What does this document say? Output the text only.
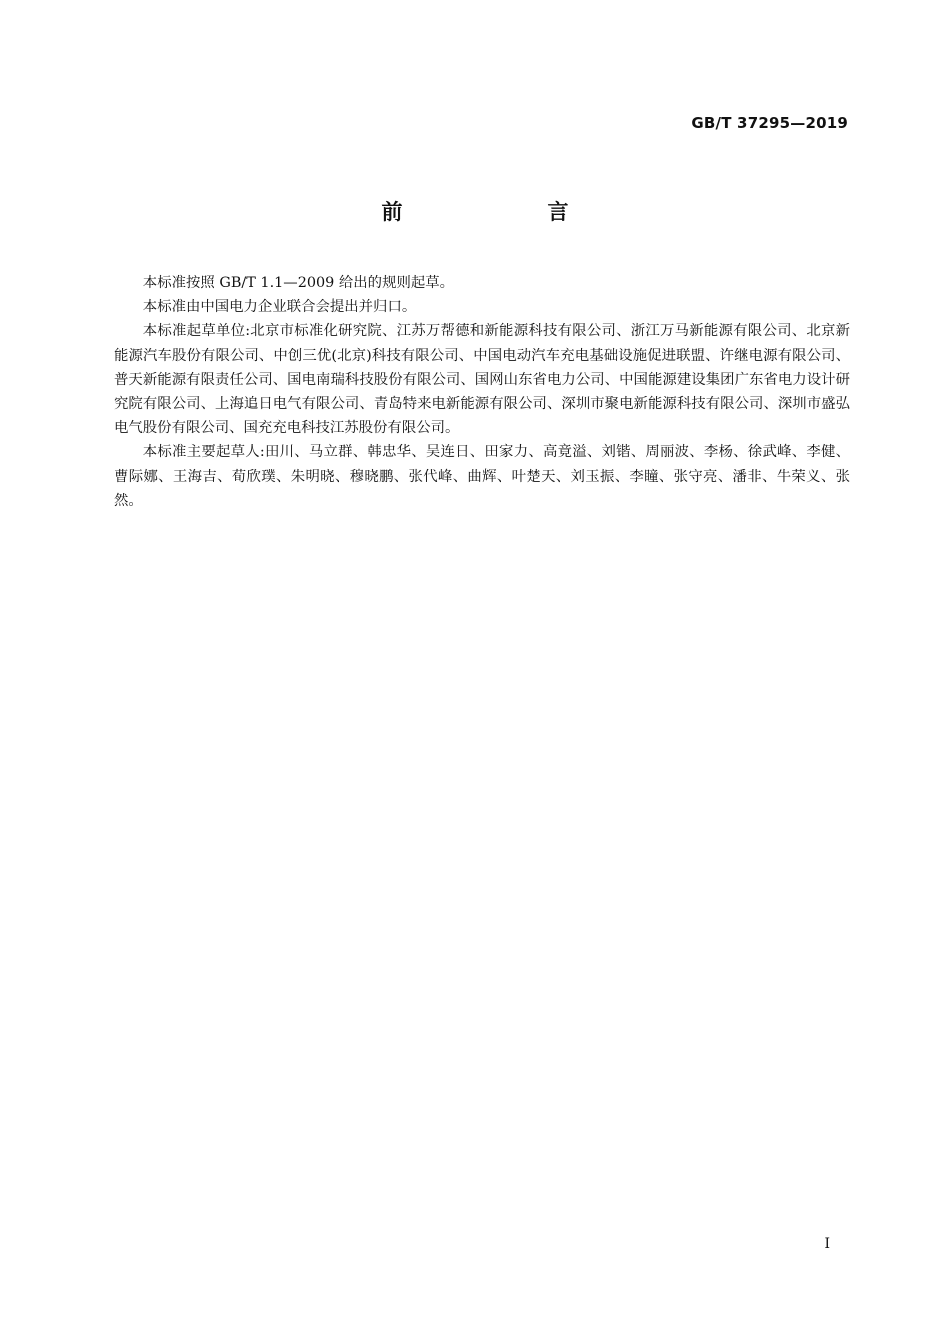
GB/T 37295—2019
前　言

本标准按照 GB/T 1.1—2009 给出的规则起草。

本标准由中国电力企业联合会提出并归口。

本标准起草单位:北京市标准化研究院、江苏万帮德和新能源科技有限公司、浙江万马新能源有限公司、北京新能源汽车股份有限公司、中创三优(北京)科技有限公司、中国电动汽车充电基础设施促进联盟、许继电源有限公司、普天新能源有限责任公司、国电南瑞科技股份有限公司、国网山东省电力公司、中国能源建设集团广东省电力设计研究院有限公司、上海追日电气有限公司、青岛特来电新能源有限公司、深圳市聚电新能源科技有限公司、深圳市盛弘电气股份有限公司、国充充电科技江苏股份有限公司。

本标准主要起草人:田川、马立群、韩忠华、吴连日、田家力、高竟溢、刘锴、周丽波、李杨、徐武峰、李健、曹际娜、王海吉、荀欣璞、朱明晓、穆晓鹏、张代峰、曲辉、叶楚天、刘玉振、李瞳、张守亮、潘非、牛荣义、张然。

I
